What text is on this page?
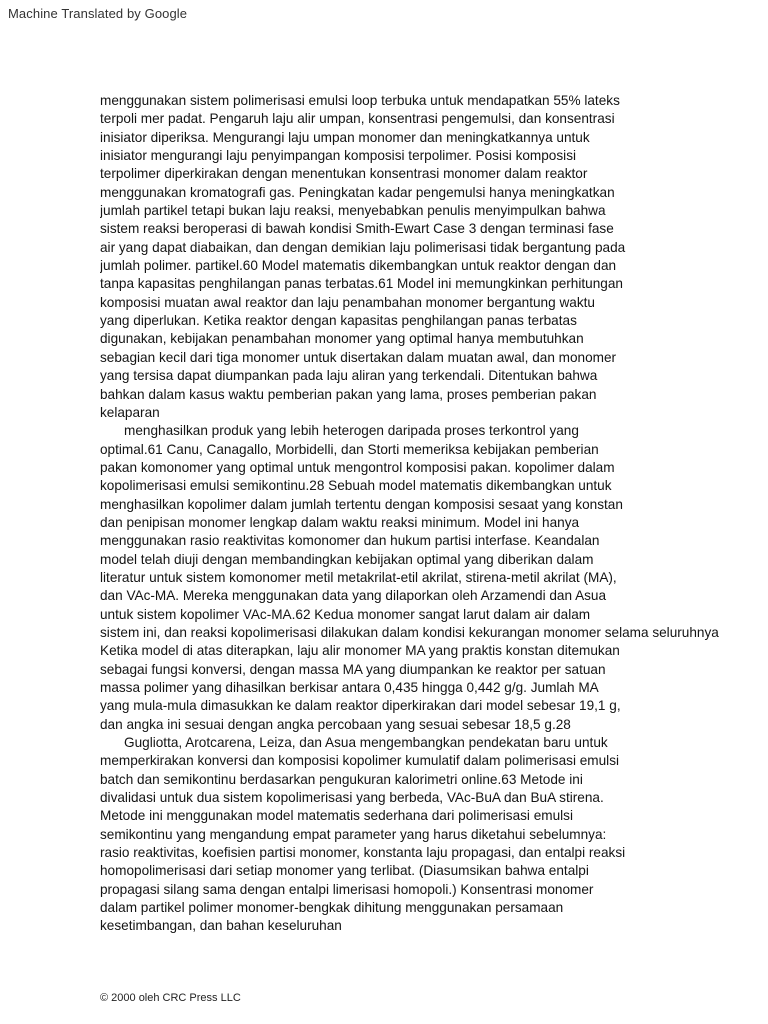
Machine Translated by Google

menggunakan sistem polimerisasi emulsi loop terbuka untuk mendapatkan 55% lateks
terpoli mer padat. Pengaruh laju alir umpan, konsentrasi pengemulsi, dan konsentrasi
inisiator diperiksa. Mengurangi laju umpan monomer dan meningkatkannya untuk
inisiator mengurangi laju penyimpangan komposisi terpolimer. Posisi komposisi
terpolimer diperkirakan dengan menentukan konsentrasi monomer dalam reaktor
menggunakan kromatografi gas. Peningkatan kadar pengemulsi hanya meningkatkan
jumlah partikel tetapi bukan laju reaksi, menyebabkan penulis menyimpulkan bahwa
sistem reaksi beroperasi di bawah kondisi Smith-Ewart Case 3 dengan terminasi fase
air yang dapat diabaikan, dan dengan demikian laju polimerisasi tidak bergantung pada
jumlah polimer. partikel.60 Model matematis dikembangkan untuk reaktor dengan dan
tanpa kapasitas penghilangan panas terbatas.61 Model ini memungkinkan perhitungan
komposisi muatan awal reaktor dan laju penambahan monomer bergantung waktu
yang diperlukan. Ketika reaktor dengan kapasitas penghilangan panas terbatas
digunakan, kebijakan penambahan monomer yang optimal hanya membutuhkan
sebagian kecil dari tiga monomer untuk disertakan dalam muatan awal, dan monomer
yang tersisa dapat diumpankan pada laju aliran yang terkendali. Ditentukan bahwa
bahkan dalam kasus waktu pemberian pakan yang lama, proses pemberian pakan
kelaparan

menghasilkan produk yang lebih heterogen daripada proses terkontrol yang
optimal.61 Canu, Canagallo, Morbidelli, dan Storti memeriksa kebijakan pemberian
pakan komonomer yang optimal untuk mengontrol komposisi pakan. kopolimer dalam
kopolimerisasi emulsi semikontinu.28 Sebuah model matematis dikembangkan untuk
menghasilkan kopolimer dalam jumlah tertentu dengan komposisi sesaat yang konstan
dan penipisan monomer lengkap dalam waktu reaksi minimum. Model ini hanya
menggunakan rasio reaktivitas komonomer dan hukum partisi interfase. Keandalan
model telah diuji dengan membandingkan kebijakan optimal yang diberikan dalam
literatur untuk sistem komonomer metil metakrilat-etil akrilat, stirena-metil akrilat (MA),
dan VAc-MA. Mereka menggunakan data yang dilaporkan oleh Arzamendi dan Asua
untuk sistem kopolimer VAc-MA.62 Kedua monomer sangat larut dalam air dalam
sistem ini, dan reaksi kopolimerisasi dilakukan dalam kondisi kekurangan monomer selama seluruhnya
Ketika model di atas diterapkan, laju alir monomer MA yang praktis konstan ditemukan
sebagai fungsi konversi, dengan massa MA yang diumpankan ke reaktor per satuan
massa polimer yang dihasilkan berkisar antara 0,435 hingga 0,442 g/g. Jumlah MA
yang mula-mula dimasukkan ke dalam reaktor diperkirakan dari model sebesar 19,1 g,
dan angka ini sesuai dengan angka percobaan yang sesuai sebesar 18,5 g.28

Gugliotta, Arotcarena, Leiza, dan Asua mengembangkan pendekatan baru untuk
memperkirakan konversi dan komposisi kopolimer kumulatif dalam polimerisasi emulsi
batch dan semikontinu berdasarkan pengukuran kalorimetri online.63 Metode ini
divalidasi untuk dua sistem kopolimerisasi yang berbeda, VAc-BuA dan BuA stirena.
Metode ini menggunakan model matematis sederhana dari polimerisasi emulsi
semikontinu yang mengandung empat parameter yang harus diketahui sebelumnya:
rasio reaktivitas, koefisien partisi monomer, konstanta laju propagasi, dan entalpi reaksi
homopolimerisasi dari setiap monomer yang terlibat. (Diasumsikan bahwa entalpi
propagasi silang sama dengan entalpi limerisasi homopoli.) Konsentrasi monomer
dalam partikel polimer monomer-bengkak dihitung menggunakan persamaan
kesetimbangan, dan bahan keseluruhan

© 2000 oleh CRC Press LLC
